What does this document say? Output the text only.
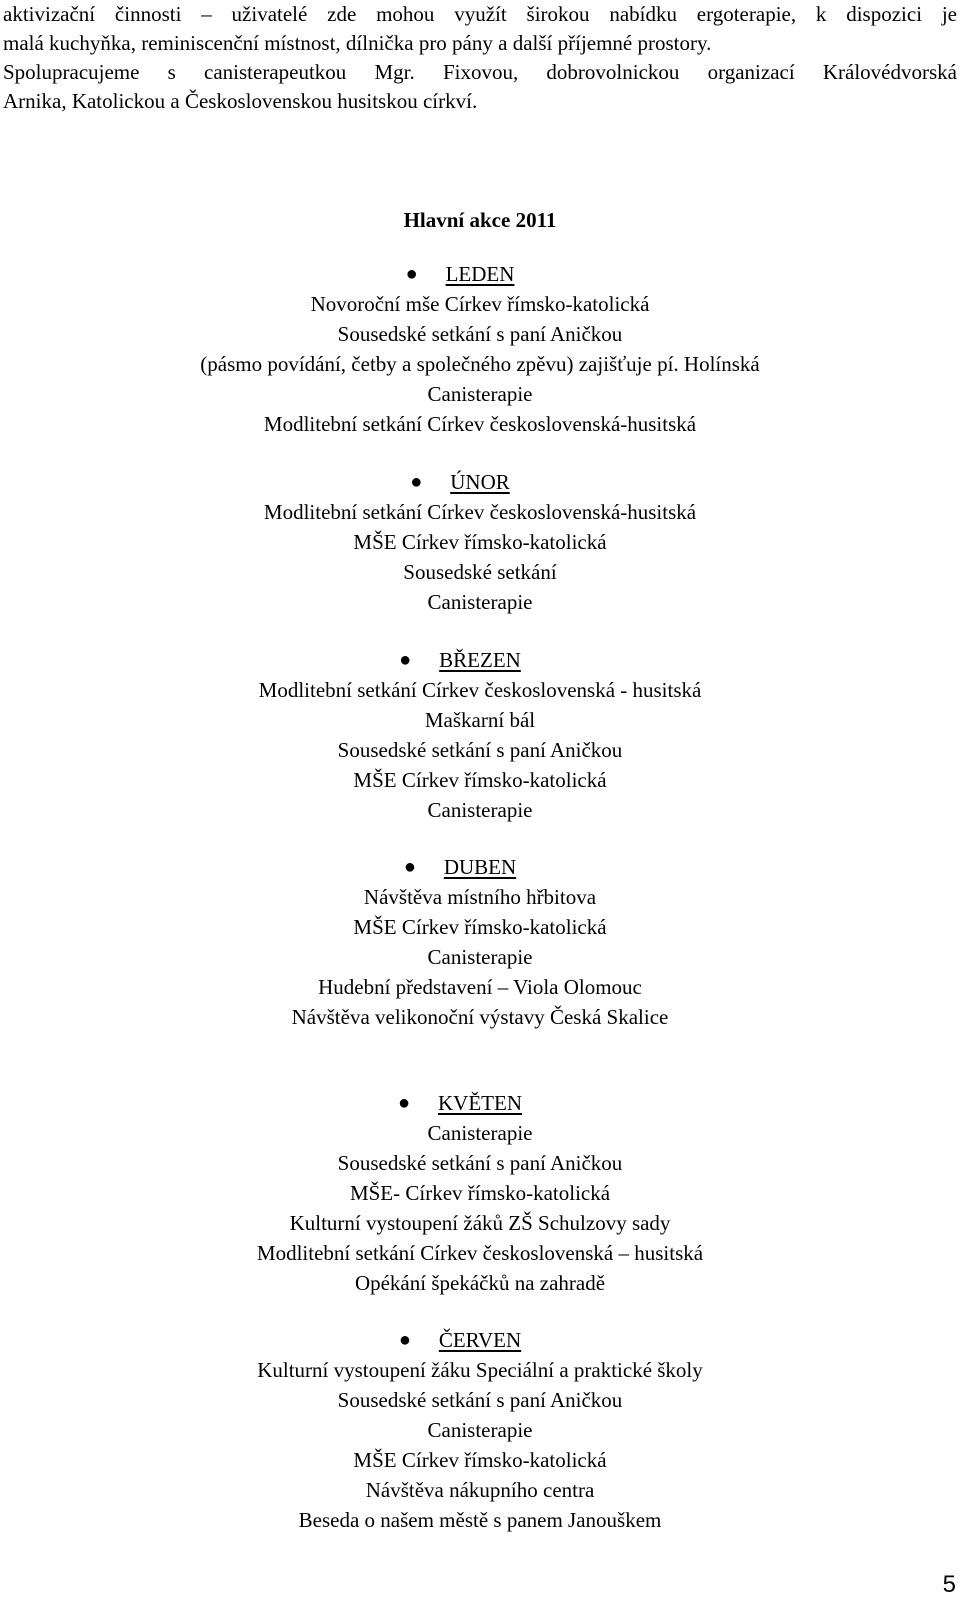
aktivizační činnosti – uživatelé zde mohou využít širokou nabídku ergoterapie, k dispozici je
malá kuchyňka, reminiscenční místnost, dílnička pro pány a další příjemné prostory.
Spolupracujeme s canisterapeutkou Mgr. Fixovou, dobrovolnickou organizací Královédvorská
Arnika, Katolickou a Československou husitskou církví.
Hlavní akce 2011
● LEDEN
Novoroční mše Církev římsko-katolická
Sousedské setkání s paní Aničkou
(pásmo povídání, četby a společného zpěvu) zajišťuje pí. Holínská
Canisterapie
Modlitební setkání Církev československá-husitská
● ÚNOR
Modlitební setkání Církev československá-husitská
MŠE Církev římsko-katolická
Sousedské setkání
Canisterapie
● BŘEZEN
Modlitební setkání Církev československá - husitská
Maškarní bál
Sousedské setkání s paní Aničkou
MŠE Církev římsko-katolická
Canisterapie
● DUBEN
Návštěva místního hřbitova
MŠE Církev římsko-katolická
Canisterapie
Hudební představení – Viola Olomouc
Návštěva velikonoční výstavy Česká Skalice
● KVĚTEN
Canisterapie
Sousedské setkání s paní Aničkou
MŠE- Církev římsko-katolická
Kulturní vystoupení žáků ZŠ Schulzovy sady
Modlitební setkání Církev československá – husitská
Opékání špekáčků na zahradě
● ČERVEN
Kulturní vystoupení žáku Speciální a praktické školy
Sousedské setkání s paní Aničkou
Canisterapie
MŠE Církev římsko-katolická
Návštěva nákupního centra
Beseda o našem městě s panem Janouškem
5
